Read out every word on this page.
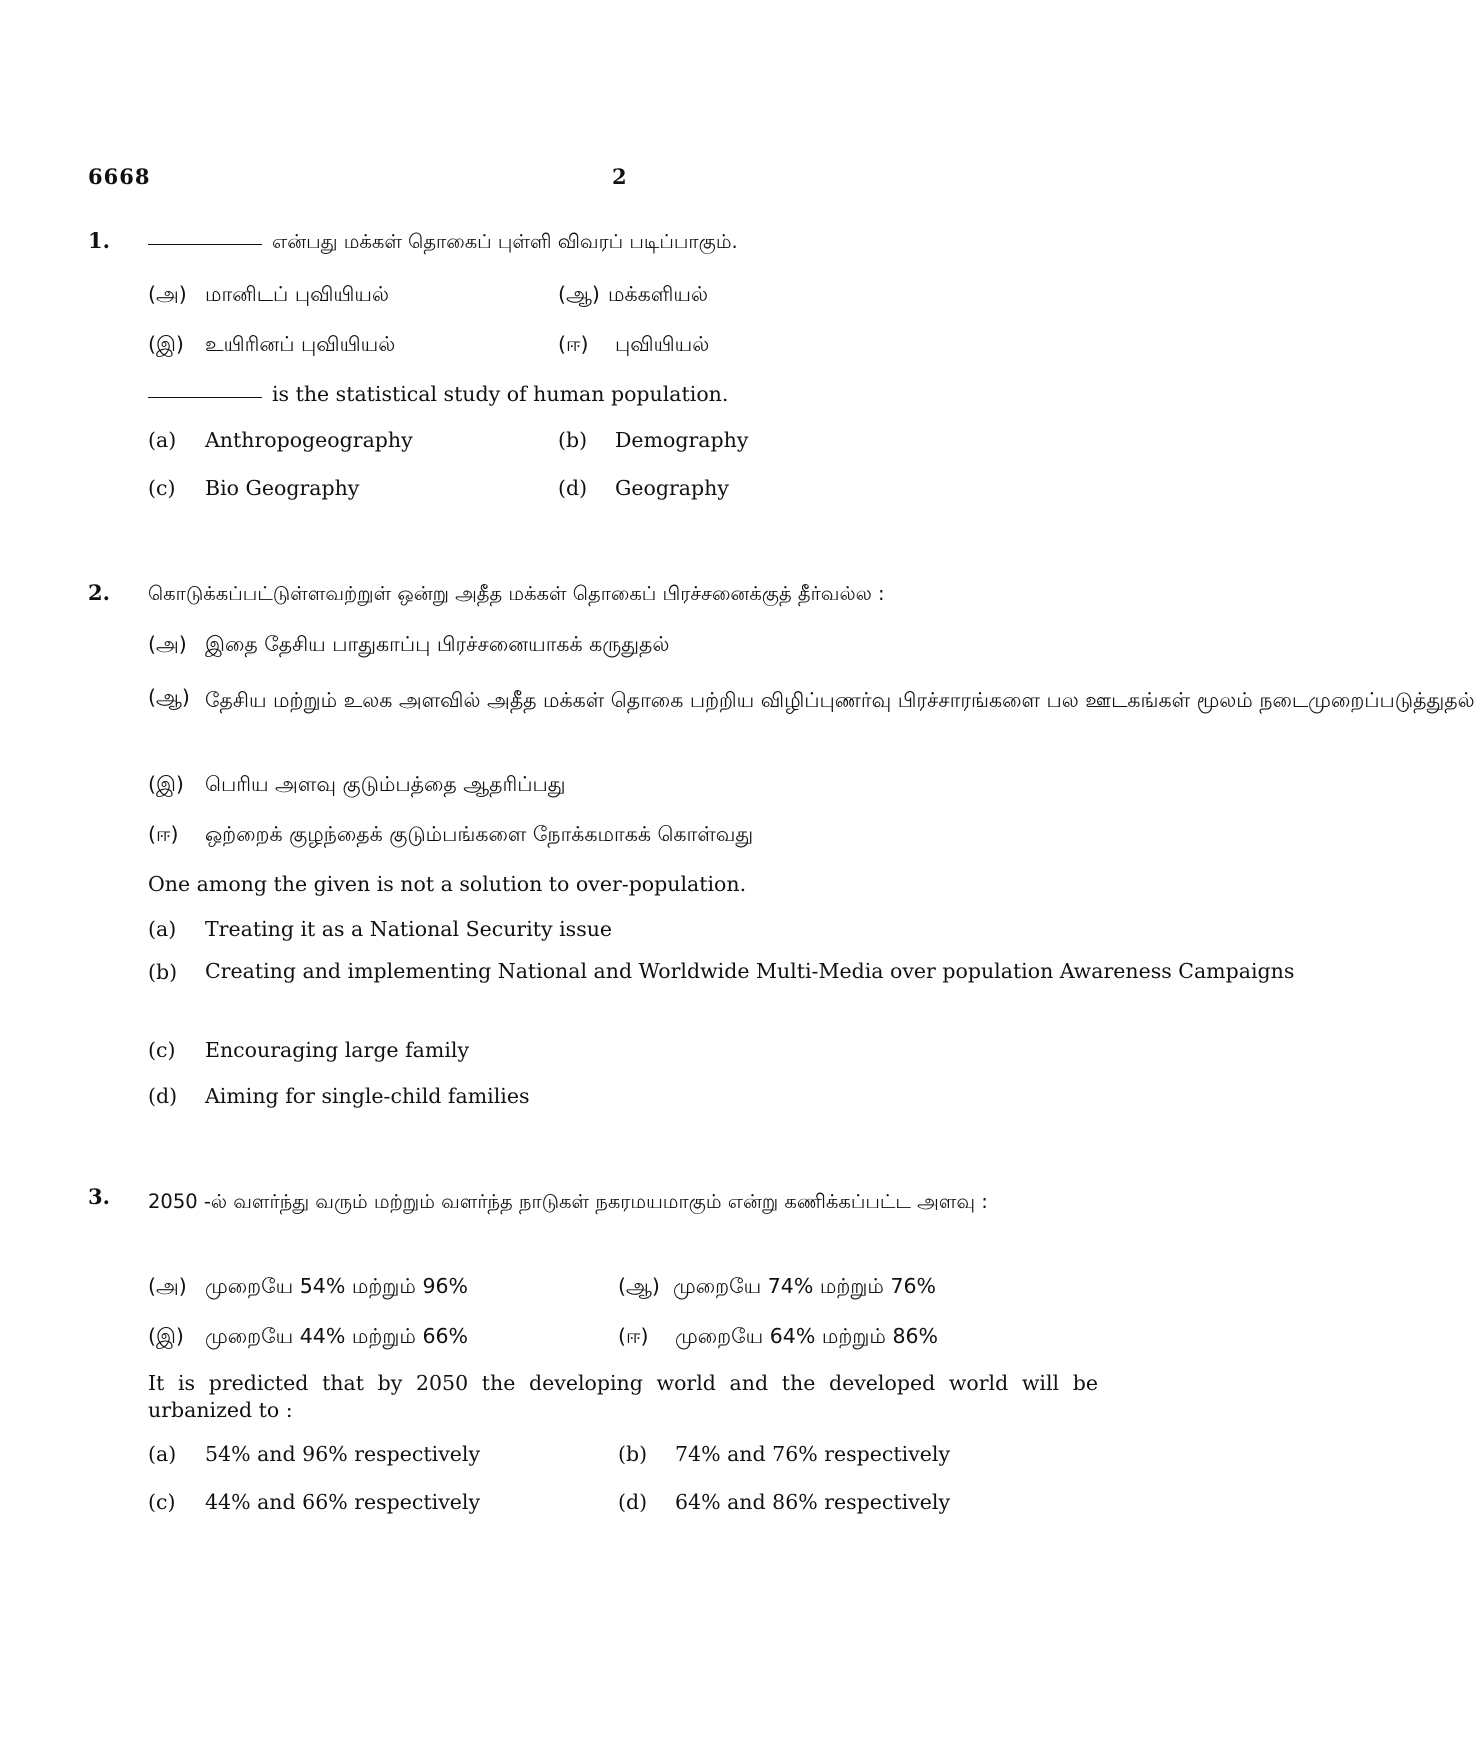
6668	2
1.	என்பது மக்கள் தொகைப் புள்ளி விவரப் படிப்பாகும்.
(அ) மானிடப் புவியியல்	(ஆ) மக்களியல்
(இ) உயிரினப் புவியியல்	(ஈ) புவியியல்
is the statistical study of human population.
(a) Anthropogeography	(b) Demography
(c) Bio Geography	(d) Geography
2. கொடுக்கப்பட்டுள்ளவற்றுள் ஒன்று அதீத மக்கள் தொகைப் பிரச்சனைக்குத் தீர்வல்ல :
(அ) இதை தேசிய பாதுகாப்பு பிரச்சனையாகக் கருதுதல்
(ஆ) தேசிய மற்றும் உலக அளவில் அதீத மக்கள் தொகை பற்றிய விழிப்புணர்வு பிரச்சாரங்களை பல ஊடகங்கள் மூலம் நடைமுறைப்படுத்துதல்
(இ) பெரிய அளவு குடும்பத்தை ஆதரிப்பது
(ஈ) ஒற்றைக் குழந்தைக் குடும்பங்களை நோக்கமாகக் கொள்வது
One among the given is not a solution to over-population.
(a) Treating it as a National Security issue
(b) Creating and implementing National and Worldwide Multi-Media over population Awareness Campaigns
(c) Encouraging large family
(d) Aiming for single-child families
3. 2050 -ல் வளர்ந்து வரும் மற்றும் வளர்ந்த நாடுகள் நகரமயமாகும் என்று கணிக்கப்பட்ட அளவு :
(அ) முறையே 54% மற்றும் 96%	(ஆ) முறையே 74% மற்றும் 76%
(இ) முறையே 44% மற்றும் 66%	(ஈ) முறையே 64% மற்றும் 86%
It is predicted that by 2050 the developing world and the developed world will be urbanized to :
(a) 54% and 96% respectively	(b) 74% and 76% respectively
(c) 44% and 66% respectively	(d) 64% and 86% respectively
